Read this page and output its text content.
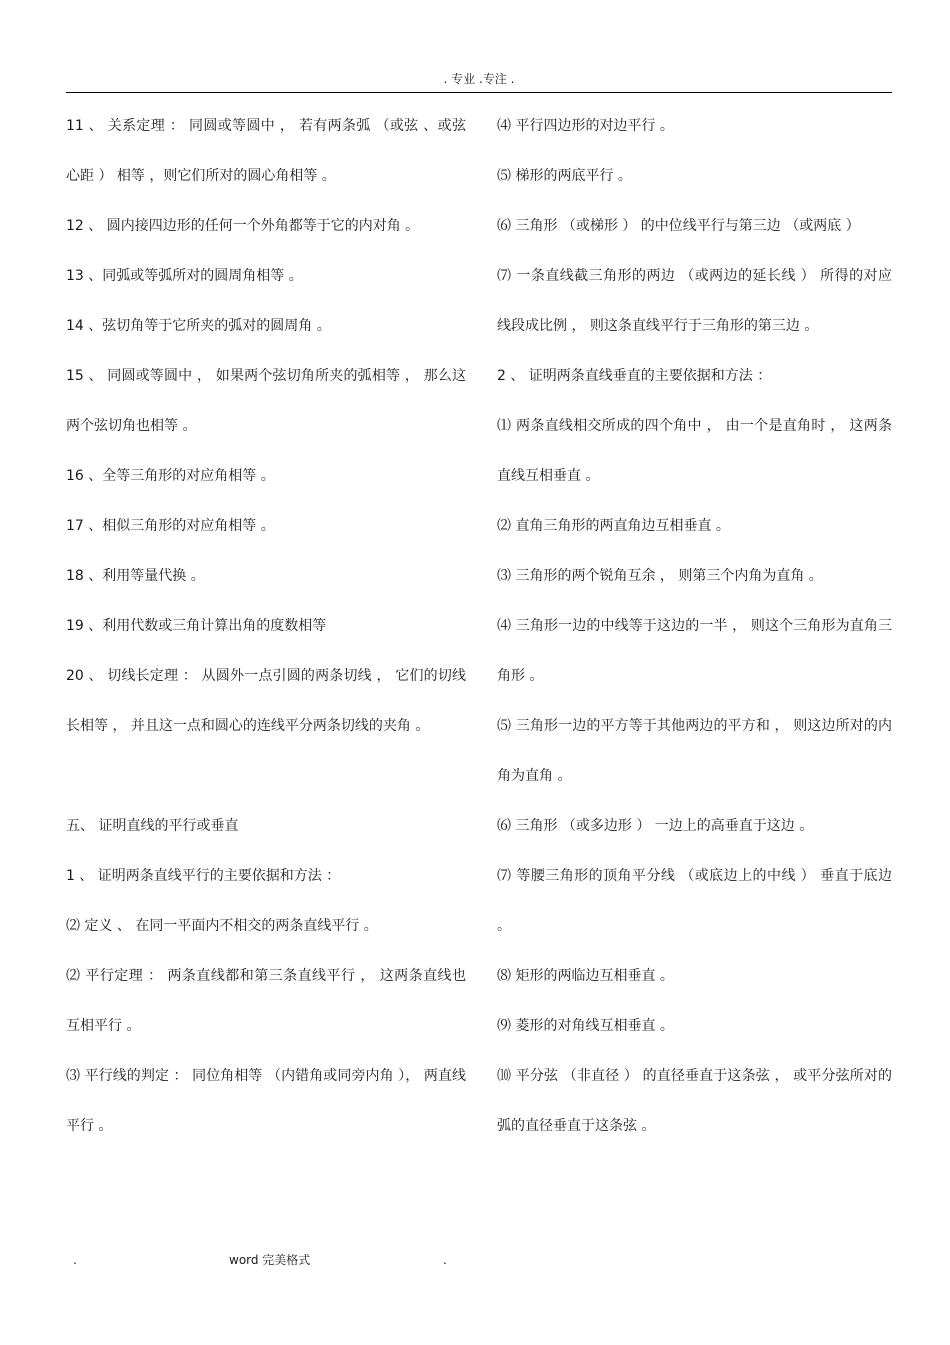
. 专业 .专注 .

11 、 关系定理 ： 同圆或等圆中 ， 若有两条弧 （或弦 、或弦心距 ） 相等 ，则它们所对的圆心角相等 。

12 、 圆内接四边形的任何一个外角都等于它的内对角 。

13 、同弧或等弧所对的圆周角相等 。

14 、弦切角等于它所夹的弧对的圆周角 。

15 、 同圆或等圆中 ， 如果两个弦切角所夹的弧相等 ， 那么这两个弦切角也相等 。

16 、全等三角形的对应角相等 。

17 、相似三角形的对应角相等 。

18 、利用等量代换 。

19 、利用代数或三角计算出角的度数相等

20 、 切线长定理 ： 从圆外一点引圆的两条切线 ， 它们的切线长相等 ， 并且这一点和圆心的连线平分两条切线的夹角 。

五、 证明直线的平行或垂直

1 、 证明两条直线平行的主要依据和方法 ：

⑵ 定义 、 在同一平面内不相交的两条直线平行 。

⑵ 平行定理 ： 两条直线都和第三条直线平行 ， 这两条直线也互相平行 。

⑶ 平行线的判定 ： 同位角相等 （内错角或同旁内角 ）， 两直线平行 。

⑷ 平行四边形的对边平行 。

⑸ 梯形的两底平行 。

⑹ 三角形 （或梯形 ） 的中位线平行与第三边 （或两底 ）

⑺ 一条直线截三角形的两边 （或两边的延长线 ） 所得的对应线段成比例 ， 则这条直线平行于三角形的第三边 。

2 、 证明两条直线垂直的主要依据和方法 ：

⑴ 两条直线相交所成的四个角中 ， 由一个是直角时 ， 这两条直线互相垂直 。

⑵ 直角三角形的两直角边互相垂直 。

⑶ 三角形的两个锐角互余 ， 则第三个内角为直角 。

⑷ 三角形一边的中线等于这边的一半 ， 则这个三角形为直角三角形 。

⑸ 三角形一边的平方等于其他两边的平方和 ， 则这边所对的内角为直角 。

⑹ 三角形 （或多边形 ） 一边上的高垂直于这边 。

⑺ 等腰三角形的顶角平分线 （或底边上的中线 ） 垂直于底边 。

⑻ 矩形的两临边互相垂直 。

⑼ 菱形的对角线互相垂直 。

⑽ 平分弦 （非直径 ） 的直径垂直于这条弦 ， 或平分弦所对的弧的直径垂直于这条弦 。

.	word 完美格式	.
